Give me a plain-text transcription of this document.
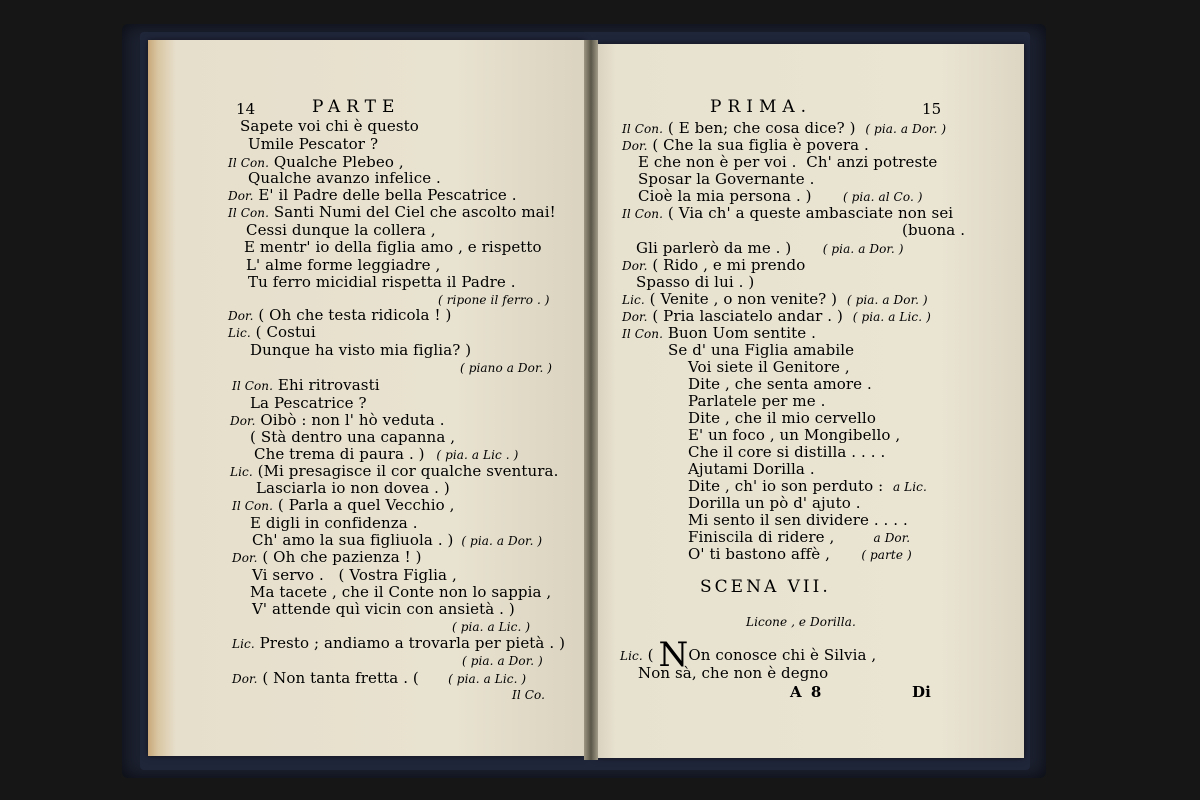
14	PARTE
Sapete voi chi è questo
Umile Pescator ?
Il Con. Qualche Plebeo ,
Qualche avanzo infelice .
Dor. E' il Padre delle bella Pescatrice .
Il Con. Santi Numi del Ciel che ascolto mai!
Cessi dunque la collera ,
E mentr' io della figlia amo , e rispetto
L' alme forme leggiadre ,
Tu ferro micidial rispetta il Padre .
( ripone il ferro . )
Dor. ( Oh che testa ridicola ! )
Lic. ( Costui
Dunque ha visto mia figlia? )
( piano a Dor. )
Il Con. Ehi ritrovasti
La Pescatrice ?
Dor. Oibò : non l' hò veduta .
( Stà dentro una capanna ,
Che trema di paura . )   ( pia. a Lic . )
Lic. (Mi presagisce il cor qualche sventura.
Lasciarla io non dovea . )
Il Con. ( Parla a quel Vecchio ,
E digli in confidenza .
Ch' amo la sua figliuola . )  ( pia. a Dor. )
Dor. ( Oh che pazienza ! )
Vi servo .   ( Vostra Figlia ,
Ma tacete , che il Conte non lo sappia ,
V' attende quì vicin con ansietà . )
( pia. a Lic. )
Lic. Presto ; andiamo a trovarla per pietà . )
( pia. a Dor. )
Dor. ( Non tanta fretta . (      ( pia. a Lic. )
Il Co.
PRIMA.	15
Il Con. ( E ben; che cosa dice? )  ( pia. a Dor. )
Dor. ( Che la sua figlia è povera .
E che non è per voi .  Ch' anzi potreste
Sposar la Governante .
Cioè la mia persona . )        ( pia. al Co. )
Il Con. ( Via ch' a queste ambasciate non sei
(buona .
Gli parlerò da me . )        ( pia. a Dor. )
Dor. ( Rido , e mi prendo
Spasso di lui . )
Lic. ( Venite , o non venite? )  ( pia. a Dor. )
Dor. ( Pria lasciatelo andar . )  ( pia. a Lic. )
Il Con. Buon Uom sentite .
Se d' una Figlia amabile
Voi siete il Genitore ,
Dite , che senta amore .
Parlatele per me .
Dite , che il mio cervello
E' un foco , un Mongibello ,
Che il core si distilla . . . .
Ajutami Dorilla .
Dite , ch' io son perduto :  a Lic.
Dorilla un pò d' ajuto .
Mi sento il sen dividere . . . .
Finiscila di ridere ,          a Dor.
O' ti bastono affè ,        ( parte )
SCENA VII.
Licone , e Dorilla.
Lic. ( NOn conosce chi è Silvia ,
Non sà, che non è degno
A 8	Di
